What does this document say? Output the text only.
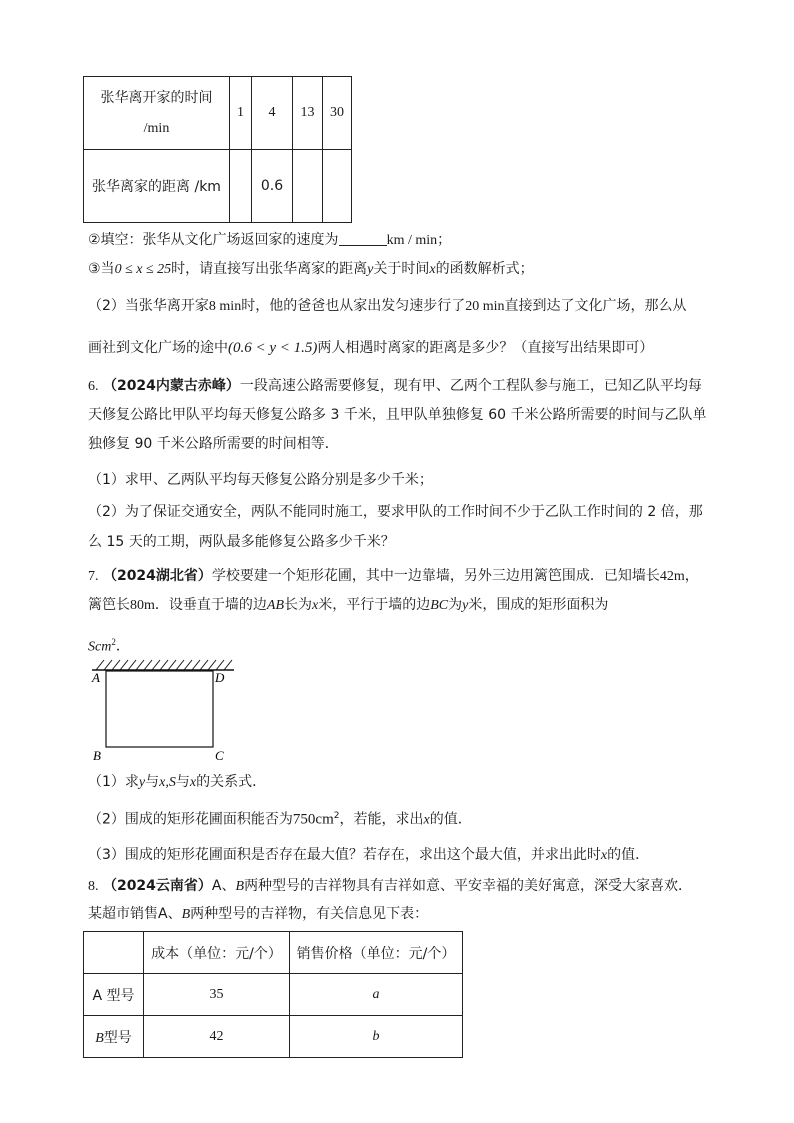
张华离开家的时间
/min	1	4	13	30
张华离家的距离 /km		0.6		
②填空：张华从文化广场返回家的速度为	km / min；
③当0 ≤ x ≤ 25时，请直接写出张华离家的距离y关于时间x的函数解析式；
（2）当张华离开家8 min时，他的爸爸也从家出发匀速步行了20 min直接到达了文化广场，那么从
画社到文化广场的途中(0.6 < y < 1.5)两人相遇时离家的距离是多少？（直接写出结果即可）
6. （2024内蒙古赤峰）一段高速公路需要修复，现有甲、乙两个工程队参与施工，已知乙队平均每
天修复公路比甲队平均每天修复公路多 3 千米，且甲队单独修复 60 千米公路所需要的时间与乙队单
独修复 90 千米公路所需要的时间相等．
（1）求甲、乙两队平均每天修复公路分别是多少千米；
（2）为了保证交通安全，两队不能同时施工，要求甲队的工作时间不少于乙队工作时间的 2 倍，那
么 15 天的工期，两队最多能修复公路多少千米？
7. （2024湖北省）学校要建一个矩形花圃，其中一边靠墙，另外三边用篱笆围成．已知墙长42m，
篱笆长80m．设垂直于墙的边AB长为x米，平行于墙的边BC为y米，围成的矩形面积为
Scm$^2$．
A	D
B	C
（1）求y与x,S与x的关系式．
（2）围成的矩形花圃面积能否为$750cm^2$，若能，求出x的值．
（3）围成的矩形花圃面积是否存在最大值？若存在，求出这个最大值，并求出此时x的值．
8. （2024云南省）A、B两种型号的吉祥物具有吉祥如意、平安幸福的美好寓意，深受大家喜欢．
某超市销售A、B两种型号的吉祥物，有关信息见下表：
	成本（单位：元/个）	销售价格（单位：元/个）
A 型号	35	a
B型号	42	b
